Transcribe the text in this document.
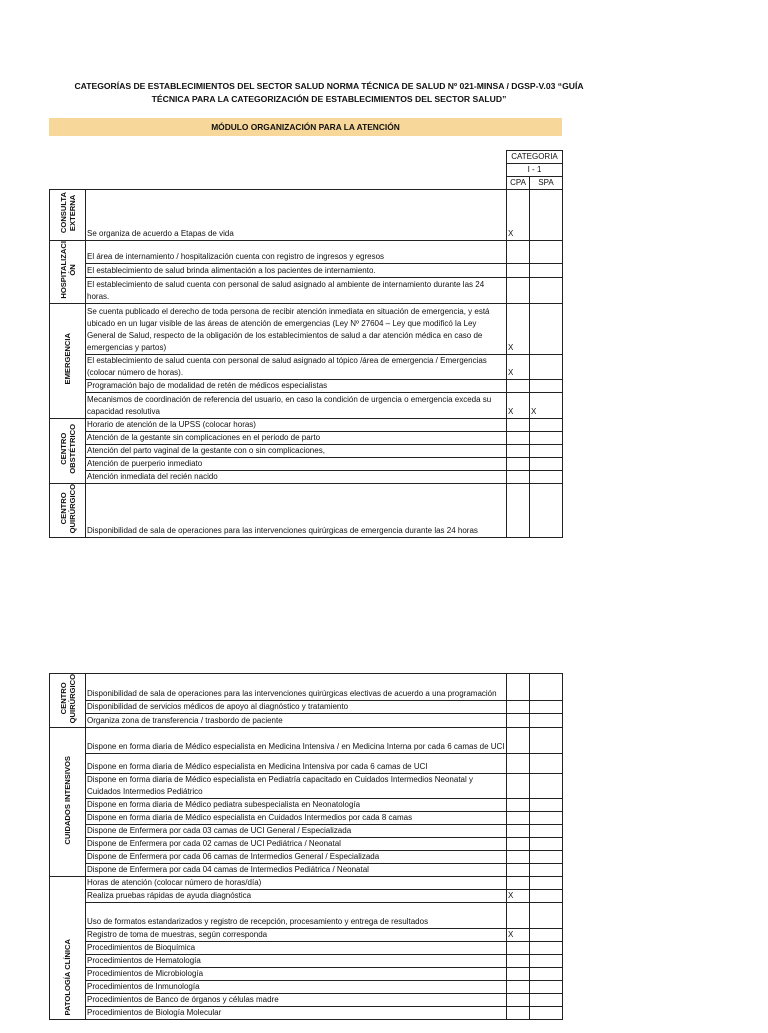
CATEGORÍAS DE ESTABLECIMIENTOS DEL SECTOR SALUD NORMA TÉCNICA DE SALUD Nº 021-MINSA / DGSP-V.03 “GUÍA
TÉCNICA PARA LA CATEGORIZACIÓN DE ESTABLECIMIENTOS DEL SECTOR SALUD”
MÓDULO ORGANIZACIÓN PARA LA ATENCIÓN
		CATEGORIA	
		I - 1	
		CPA	SPA
CONSULTA
EXTERNA	Se organiza de acuerdo a Etapas de vida	X	
HOSPITALIZACI
ÓN	El área de internamiento / hospitalización cuenta con registro de ingresos y egresos		
	El establecimiento de salud brinda alimentación a los pacientes de internamiento.		
	El establecimiento de salud cuenta con personal de salud asignado al ambiente de internamiento durante las 24 horas.		
EMERGENCIA	Se cuenta publicado el derecho de toda persona de recibir atención inmediata en situación de emergencia, y está ubicado en un lugar visible de las áreas de atención de emergencias (Ley Nº 27604 – Ley que modificó la Ley General de Salud, respecto de la obligación de los establecimientos de salud a dar atención médica en caso de emergencias y partos)	X	
	El establecimiento de salud cuenta con personal de salud asignado al tópico /área de emergencia / Emergencias (colocar número de horas).	X	
	Programación bajo de modalidad de retén de médicos especialistas		
	Mecanismos de coordinación de referencia del usuario, en caso la condición de urgencia o emergencia exceda su capacidad resolutiva	X	X
CENTRO
OBSTÉTRICO	Horario de atención de la UPSS (colocar horas)		
	Atención de la gestante sin complicaciones en el periodo de parto		
	Atención del parto vaginal de la gestante con o sin complicaciones,		
	Atención de puerperio inmediato		
	Atención inmediata del recién nacido		
CENTRO
QUIRÚRGICO	Disponibilidad de sala de operaciones para las intervenciones quirúrgicas de emergencia durante las 24 horas		
CENTRO
QUIRÚRGICO	Disponibilidad de sala de operaciones para las intervenciones quirúrgicas electivas de acuerdo a una programación		
	Disponibilidad de servicios médicos de apoyo al diagnóstico y tratamiento		
	Organiza zona de transferencia / trasbordo de paciente		
CUIDADOS INTENSIVOS	Dispone en forma diaria de Médico especialista en Medicina Intensiva / en Medicina Interna por cada 6 camas de UCI		
	Dispone en forma diaria de Médico especialista en Medicina Intensiva por cada 6 camas de UCI		
	Dispone en forma diaria de Médico especialista en Pediatría capacitado en Cuidados Intermedios Neonatal y Cuidados Intermedios Pediátrico		
	Dispone en forma diaria de Médico pediatra subespecialista en Neonatología		
	Dispone en forma diaria de Médico especialista en Cuidados Intermedios por cada 8 camas		
	Dispone de Enfermera por cada 03 camas de UCI General / Especializada		
	Dispone de Enfermera por cada 02 camas de UCI Pediátrica / Neonatal		
	Dispone de Enfermera por cada 06 camas de Intermedios General / Especializada		
	Dispone de Enfermera por cada 04 camas de Intermedios Pediátrica / Neonatal		
PATOLOGÍA CLÍNICA	Horas de atención (colocar número de horas/día)		
	Realiza pruebas rápidas de ayuda diagnóstica	X	
	Uso de formatos estandarizados y registro de recepción, procesamiento y entrega de resultados		
	Registro de toma de muestras, según corresponda	X	
	Procedimientos de Bioquímica		
	Procedimientos de Hematología		
	Procedimientos de Microbiología		
	Procedimientos de Inmunología		
	Procedimientos de Banco de órganos y células madre		
	Procedimientos de Biología Molecular		
